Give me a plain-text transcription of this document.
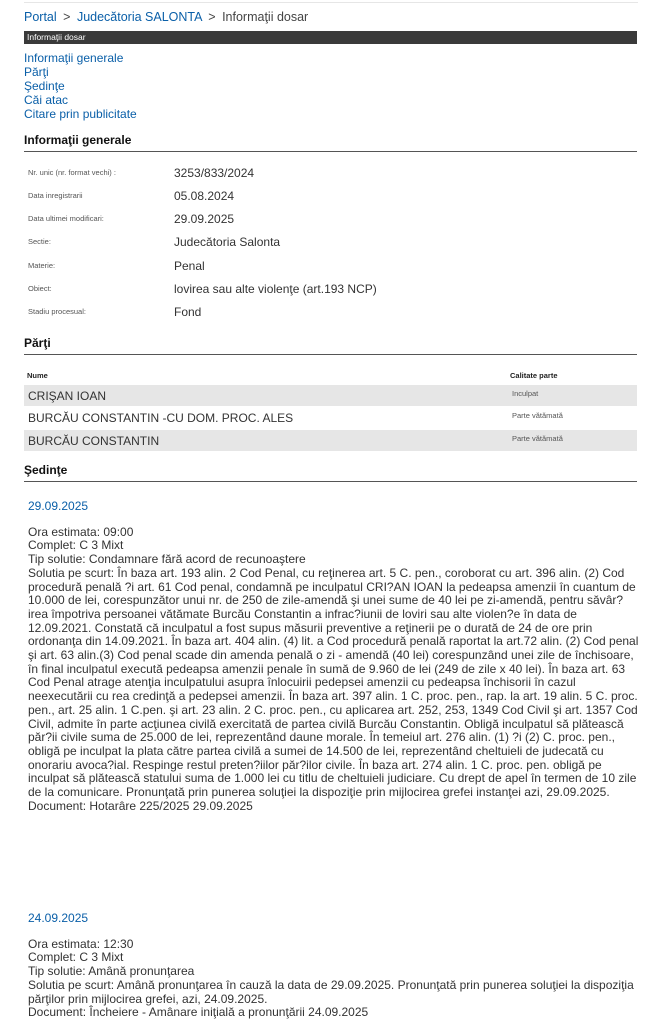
Portal > Judecătoria SALONTA > Informaţii dosar
Informaţii dosar
Informaţii generale
Părţi
Şedinţe
Căi atac
Citare prin publicitate
Informaţii generale
Nr. unic (nr. format vechi) :	3253/833/2024
Data inregistrarii	05.08.2024
Data ultimei modificari:	29.09.2025
Sectie:	Judecătoria Salonta
Materie:	Penal
Obiect:	lovirea sau alte violenţe (art.193 NCP)
Stadiu procesual:	Fond
Părţi
Nume	Calitate parte
CRIŞAN IOAN	Inculpat
BURCĂU CONSTANTIN -CU DOM. PROC. ALES	Parte vătămată
BURCĂU CONSTANTIN	Parte vătămată
Şedinţe
29.09.2025
Ora estimata: 09:00
Complet: C 3 Mixt
Tip solutie: Condamnare fără acord de recunoaştere
Solutia pe scurt: În baza art. 193 alin. 2 Cod Penal, cu reţinerea art. 5 C. pen., coroborat cu art. 396 alin. (2) Cod procedură penală ?i art. 61 Cod penal, condamnă pe inculpatul CRI?AN IOAN la pedeapsa amenzii în cuantum de 10.000 de lei, corespunzător unui nr. de 250 de zile-amendă şi unei sume de 40 lei pe zi-amendă, pentru săvâr?irea împotriva persoanei vătămate Burcău Constantin a infrac?iunii de loviri sau alte violen?e în data de 12.09.2021. Constată că inculpatul a fost supus măsurii preventive a reţinerii pe o durată de 24 de ore prin ordonanţa din 14.09.2021. În baza art. 404 alin. (4) lit. a Cod procedură penală raportat la art.72 alin. (2) Cod penal şi art. 63 alin.(3) Cod penal scade din amenda penală o zi - amendă (40 lei) corespunzând unei zile de închisoare, în final inculpatul execută pedeapsa amenzii penale în sumă de 9.960 de lei (249 de zile x 40 lei). În baza art. 63 Cod Penal atrage atenţia inculpatului asupra înlocuirii pedepsei amenzii cu pedeapsa închisorii în cazul neexecutării cu rea credinţă a pedepsei amenzii. În baza art. 397 alin. 1 C. proc. pen., rap. la art. 19 alin. 5 C. proc. pen., art. 25 alin. 1 C.pen. şi art. 23 alin. 2 C. proc. pen., cu aplicarea art. 252, 253, 1349 Cod Civil şi art. 1357 Cod Civil, admite în parte acţiunea civilă exercitată de partea civilă Burcău Constantin. Obligă inculpatul să plătească păr?ii civile suma de 25.000 de lei, reprezentând daune morale. În temeiul art. 276 alin. (1) ?i (2) C. proc. pen., obligă pe inculpat la plata către partea civilă a sumei de 14.500 de lei, reprezentând cheltuieli de judecată cu onorariu avoca?ial. Respinge restul preten?iilor păr?ilor civile. În baza art. 274 alin. 1 C. proc. pen. obligă pe inculpat să plătească statului suma de 1.000 lei cu titlu de cheltuieli judiciare. Cu drept de apel în termen de 10 zile de la comunicare. Pronunţată prin punerea soluţiei la dispoziţie prin mijlocirea grefei instanţei azi, 29.09.2025.
Document: Hotarâre 225/2025 29.09.2025
24.09.2025
Ora estimata: 12:30
Complet: C 3 Mixt
Tip solutie: Amână pronunţarea
Solutia pe scurt: Amână pronunţarea în cauză la data de 29.09.2025. Pronunţată prin punerea soluţiei la dispoziţia părţilor prin mijlocirea grefei, azi, 24.09.2025.
Document: Încheiere - Amânare iniţială a pronunţării 24.09.2025
